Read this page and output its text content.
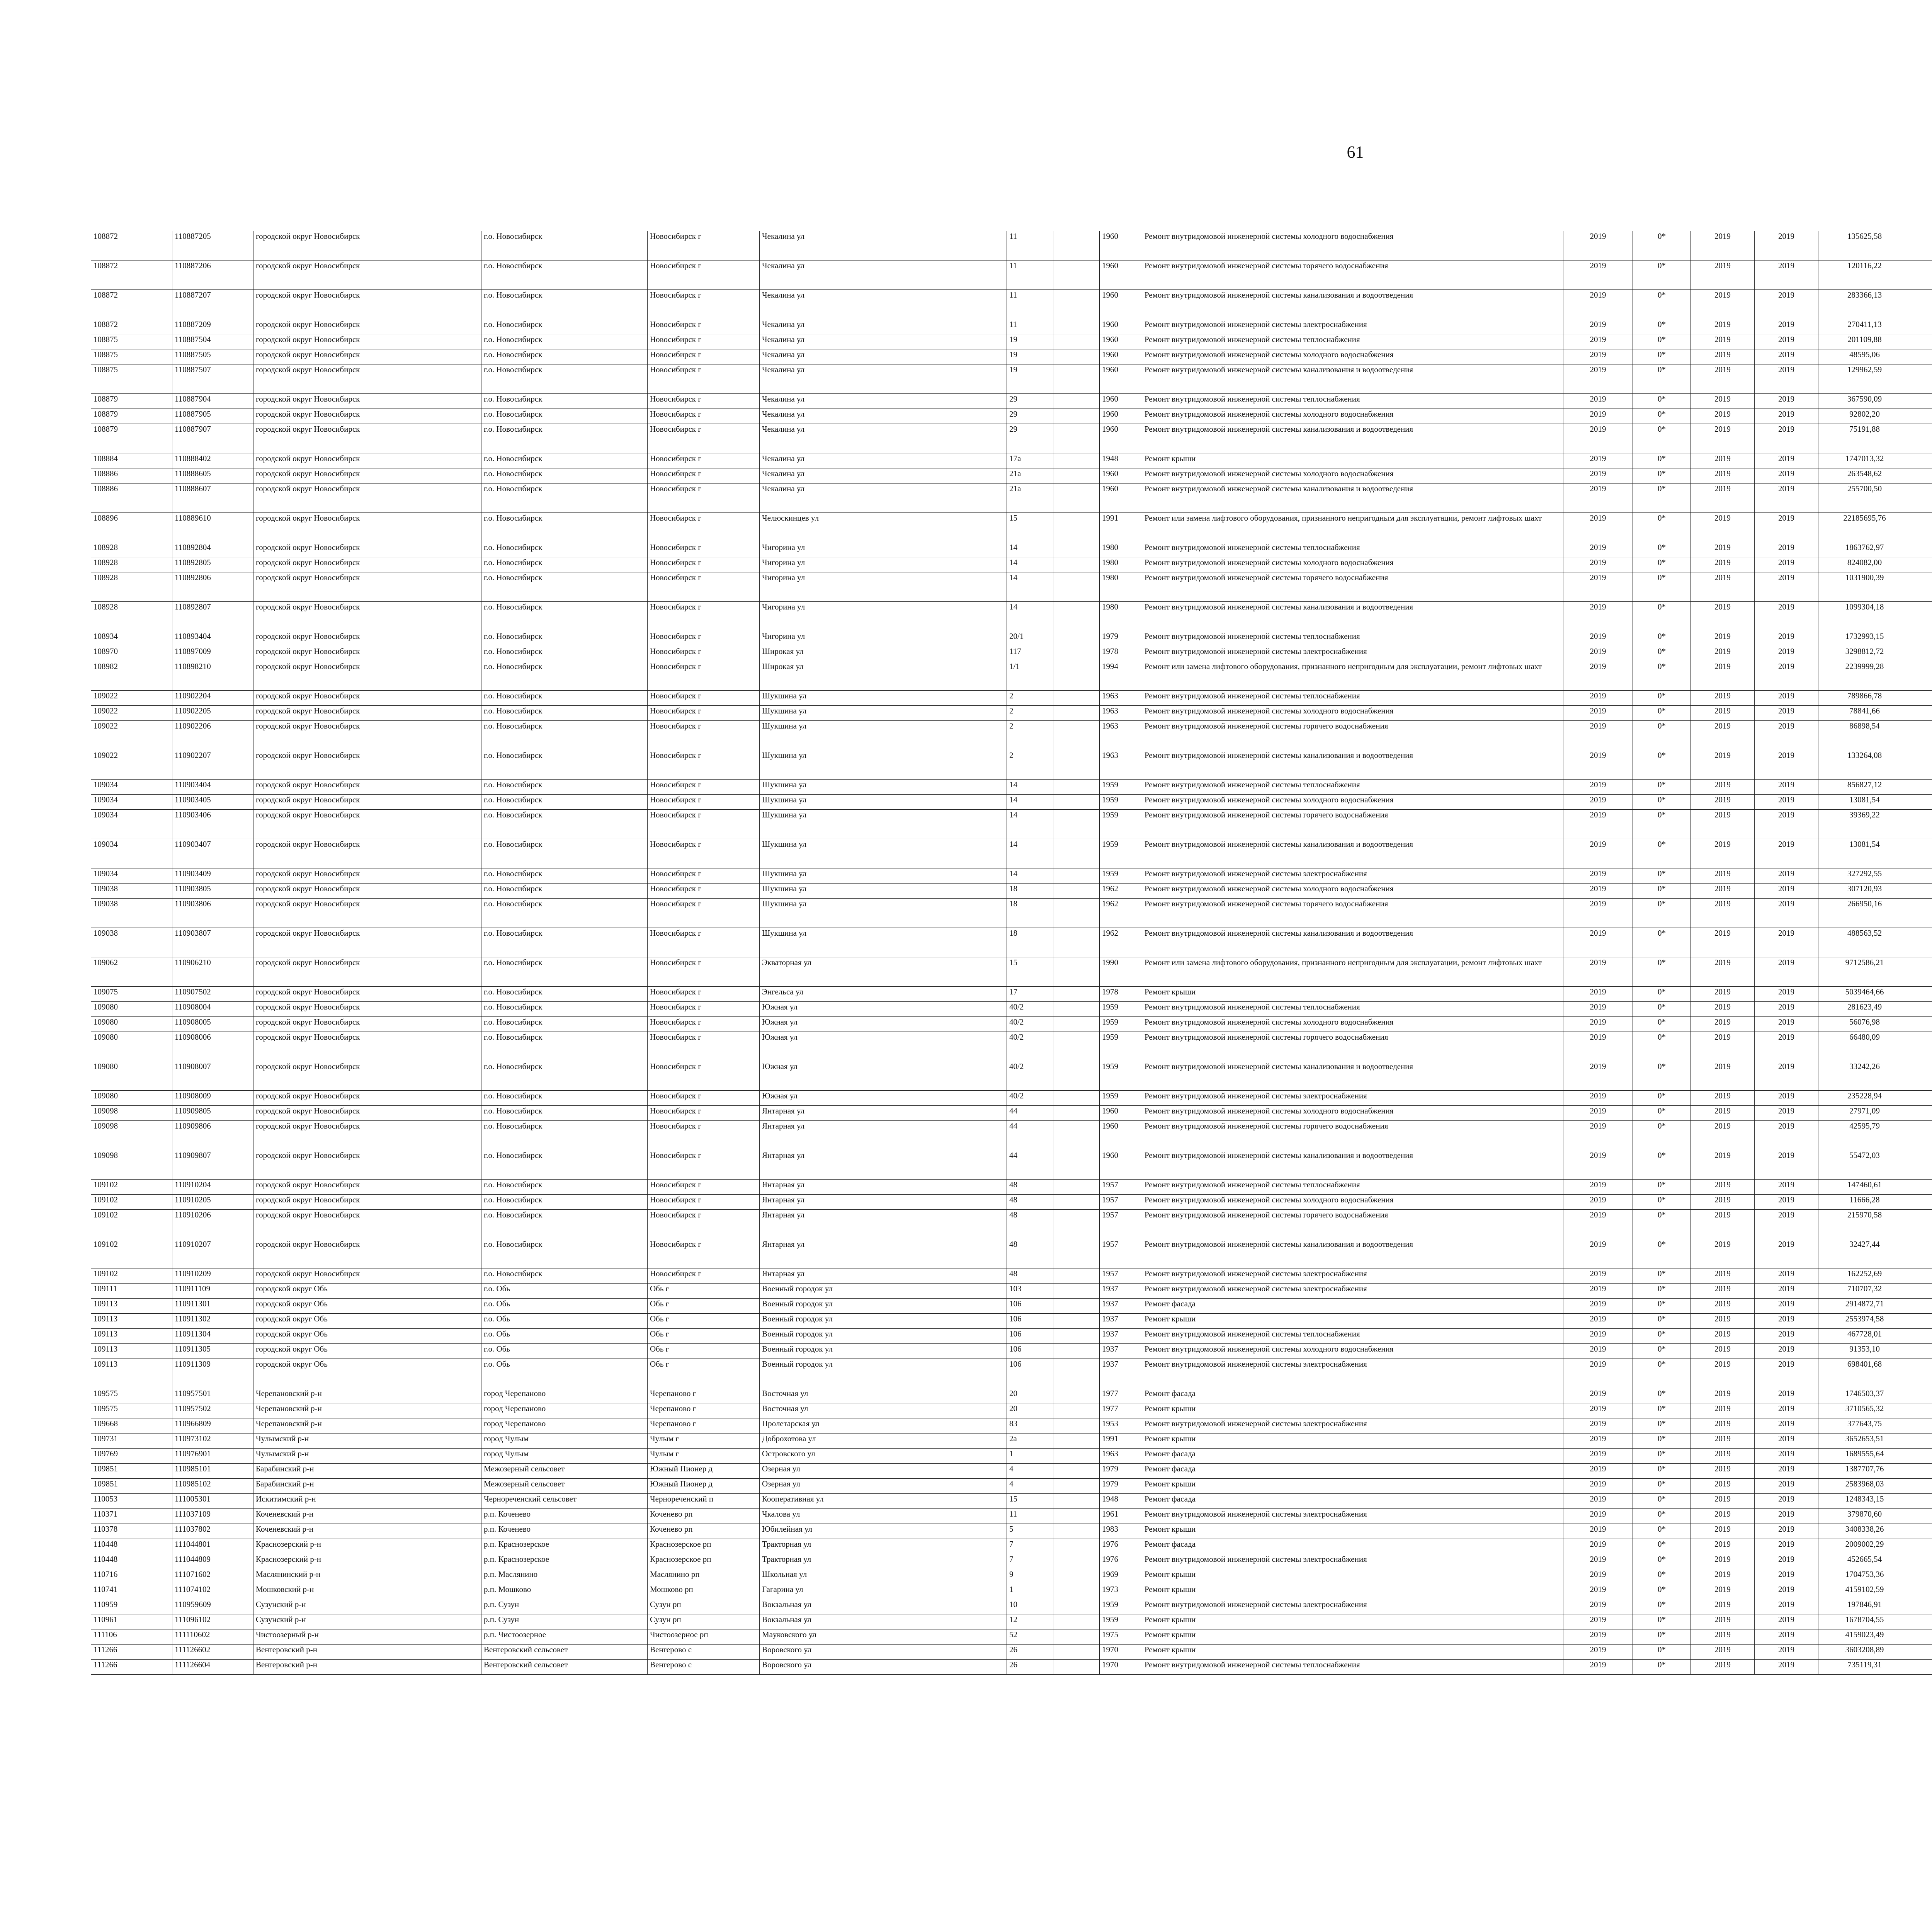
61
108872	110887205	городской округ Новосибирск	г.о. Новосибирск	Новосибирск г	Чекалина ул	11		1960	Ремонт внутридомовой инженерной системы холодного водоснабжения	2019	0*	2019	2019	135625,58							
108872	110887206	городской округ Новосибирск	г.о. Новосибирск	Новосибирск г	Чекалина ул	11		1960	Ремонт внутридомовой инженерной системы горячего водоснабжения	2019	0*	2019	2019	120116,22							
108872	110887207	городской округ Новосибирск	г.о. Новосибирск	Новосибирск г	Чекалина ул	11		1960	Ремонт внутридомовой инженерной системы канализования и водоотведения	2019	0*	2019	2019	283366,13							
108872	110887209	городской округ Новосибирск	г.о. Новосибирск	Новосибирск г	Чекалина ул	11		1960	Ремонт внутридомовой инженерной системы электроснабжения	2019	0*	2019	2019	270411,13							
108875	110887504	городской округ Новосибирск	г.о. Новосибирск	Новосибирск г	Чекалина ул	19		1960	Ремонт внутридомовой инженерной системы теплоснабжения	2019	0*	2019	2019	201109,88							
108875	110887505	городской округ Новосибирск	г.о. Новосибирск	Новосибирск г	Чекалина ул	19		1960	Ремонт внутридомовой инженерной системы холодного водоснабжения	2019	0*	2019	2019	48595,06							
108875	110887507	городской округ Новосибирск	г.о. Новосибирск	Новосибирск г	Чекалина ул	19		1960	Ремонт внутридомовой инженерной системы канализования и водоотведения	2019	0*	2019	2019	129962,59							
108879	110887904	городской округ Новосибирск	г.о. Новосибирск	Новосибирск г	Чекалина ул	29		1960	Ремонт внутридомовой инженерной системы теплоснабжения	2019	0*	2019	2019	367590,09							
108879	110887905	городской округ Новосибирск	г.о. Новосибирск	Новосибирск г	Чекалина ул	29		1960	Ремонт внутридомовой инженерной системы холодного водоснабжения	2019	0*	2019	2019	92802,20							
108879	110887907	городской округ Новосибирск	г.о. Новосибирск	Новосибирск г	Чекалина ул	29		1960	Ремонт внутридомовой инженерной системы канализования и водоотведения	2019	0*	2019	2019	75191,88							
108884	110888402	городской округ Новосибирск	г.о. Новосибирск	Новосибирск г	Чекалина ул	17а		1948	Ремонт крыши	2019	0*	2019	2019	1747013,32							
108886	110888605	городской округ Новосибирск	г.о. Новосибирск	Новосибирск г	Чекалина ул	21а		1960	Ремонт внутридомовой инженерной системы холодного водоснабжения	2019	0*	2019	2019	263548,62							
108886	110888607	городской округ Новосибирск	г.о. Новосибирск	Новосибирск г	Чекалина ул	21а		1960	Ремонт внутридомовой инженерной системы канализования и водоотведения	2019	0*	2019	2019	255700,50							
108896	110889610	городской округ Новосибирск	г.о. Новосибирск	Новосибирск г	Челюскинцев ул	15		1991	Ремонт или замена лифтового оборудования, признанного непригодным для эксплуатации, ремонт лифтовых шахт	2019	0*	2019	2019	22185695,76							
108928	110892804	городской округ Новосибирск	г.о. Новосибирск	Новосибирск г	Чигорина ул	14		1980	Ремонт внутридомовой инженерной системы теплоснабжения	2019	0*	2019	2019	1863762,97							
108928	110892805	городской округ Новосибирск	г.о. Новосибирск	Новосибирск г	Чигорина ул	14		1980	Ремонт внутридомовой инженерной системы холодного водоснабжения	2019	0*	2019	2019	824082,00							
108928	110892806	городской округ Новосибирск	г.о. Новосибирск	Новосибирск г	Чигорина ул	14		1980	Ремонт внутридомовой инженерной системы горячего водоснабжения	2019	0*	2019	2019	1031900,39							
108928	110892807	городской округ Новосибирск	г.о. Новосибирск	Новосибирск г	Чигорина ул	14		1980	Ремонт внутридомовой инженерной системы канализования и водоотведения	2019	0*	2019	2019	1099304,18							
108934	110893404	городской округ Новосибирск	г.о. Новосибирск	Новосибирск г	Чигорина ул	20/1		1979	Ремонт внутридомовой инженерной системы теплоснабжения	2019	0*	2019	2019	1732993,15							
108970	110897009	городской округ Новосибирск	г.о. Новосибирск	Новосибирск г	Широкая ул	117		1978	Ремонт внутридомовой инженерной системы электроснабжения	2019	0*	2019	2019	3298812,72							
108982	110898210	городской округ Новосибирск	г.о. Новосибирск	Новосибирск г	Широкая ул	1/1		1994	Ремонт или замена лифтового оборудования, признанного непригодным для эксплуатации, ремонт лифтовых шахт	2019	0*	2019	2019	2239999,28							
109022	110902204	городской округ Новосибирск	г.о. Новосибирск	Новосибирск г	Шукшина ул	2		1963	Ремонт внутридомовой инженерной системы теплоснабжения	2019	0*	2019	2019	789866,78							
109022	110902205	городской округ Новосибирск	г.о. Новосибирск	Новосибирск г	Шукшина ул	2		1963	Ремонт внутридомовой инженерной системы холодного водоснабжения	2019	0*	2019	2019	78841,66							
109022	110902206	городской округ Новосибирск	г.о. Новосибирск	Новосибирск г	Шукшина ул	2		1963	Ремонт внутридомовой инженерной системы горячего водоснабжения	2019	0*	2019	2019	86898,54							
109022	110902207	городской округ Новосибирск	г.о. Новосибирск	Новосибирск г	Шукшина ул	2		1963	Ремонт внутридомовой инженерной системы канализования и водоотведения	2019	0*	2019	2019	133264,08							
109034	110903404	городской округ Новосибирск	г.о. Новосибирск	Новосибирск г	Шукшина ул	14		1959	Ремонт внутридомовой инженерной системы теплоснабжения	2019	0*	2019	2019	856827,12							
109034	110903405	городской округ Новосибирск	г.о. Новосибирск	Новосибирск г	Шукшина ул	14		1959	Ремонт внутридомовой инженерной системы холодного водоснабжения	2019	0*	2019	2019	13081,54							
109034	110903406	городской округ Новосибирск	г.о. Новосибирск	Новосибирск г	Шукшина ул	14		1959	Ремонт внутридомовой инженерной системы горячего водоснабжения	2019	0*	2019	2019	39369,22							
109034	110903407	городской округ Новосибирск	г.о. Новосибирск	Новосибирск г	Шукшина ул	14		1959	Ремонт внутридомовой инженерной системы канализования и водоотведения	2019	0*	2019	2019	13081,54							
109034	110903409	городской округ Новосибирск	г.о. Новосибирск	Новосибирск г	Шукшина ул	14		1959	Ремонт внутридомовой инженерной системы электроснабжения	2019	0*	2019	2019	327292,55							
109038	110903805	городской округ Новосибирск	г.о. Новосибирск	Новосибирск г	Шукшина ул	18		1962	Ремонт внутридомовой инженерной системы холодного водоснабжения	2019	0*	2019	2019	307120,93							
109038	110903806	городской округ Новосибирск	г.о. Новосибирск	Новосибирск г	Шукшина ул	18		1962	Ремонт внутридомовой инженерной системы горячего водоснабжения	2019	0*	2019	2019	266950,16							
109038	110903807	городской округ Новосибирск	г.о. Новосибирск	Новосибирск г	Шукшина ул	18		1962	Ремонт внутридомовой инженерной системы канализования и водоотведения	2019	0*	2019	2019	488563,52							
109062	110906210	городской округ Новосибирск	г.о. Новосибирск	Новосибирск г	Экваторная ул	15		1990	Ремонт или замена лифтового оборудования, признанного непригодным для эксплуатации, ремонт лифтовых шахт	2019	0*	2019	2019	9712586,21							
109075	110907502	городской округ Новосибирск	г.о. Новосибирск	Новосибирск г	Энгельса ул	17		1978	Ремонт крыши	2019	0*	2019	2019	5039464,66							
109080	110908004	городской округ Новосибирск	г.о. Новосибирск	Новосибирск г	Южная ул	40/2		1959	Ремонт внутридомовой инженерной системы теплоснабжения	2019	0*	2019	2019	281623,49							
109080	110908005	городской округ Новосибирск	г.о. Новосибирск	Новосибирск г	Южная ул	40/2		1959	Ремонт внутридомовой инженерной системы холодного водоснабжения	2019	0*	2019	2019	56076,98							
109080	110908006	городской округ Новосибирск	г.о. Новосибирск	Новосибирск г	Южная ул	40/2		1959	Ремонт внутридомовой инженерной системы горячего водоснабжения	2019	0*	2019	2019	66480,09							
109080	110908007	городской округ Новосибирск	г.о. Новосибирск	Новосибирск г	Южная ул	40/2		1959	Ремонт внутридомовой инженерной системы канализования и водоотведения	2019	0*	2019	2019	33242,26							
109080	110908009	городской округ Новосибирск	г.о. Новосибирск	Новосибирск г	Южная ул	40/2		1959	Ремонт внутридомовой инженерной системы электроснабжения	2019	0*	2019	2019	235228,94							
109098	110909805	городской округ Новосибирск	г.о. Новосибирск	Новосибирск г	Янтарная ул	44		1960	Ремонт внутридомовой инженерной системы холодного водоснабжения	2019	0*	2019	2019	27971,09							
109098	110909806	городской округ Новосибирск	г.о. Новосибирск	Новосибирск г	Янтарная ул	44		1960	Ремонт внутридомовой инженерной системы горячего водоснабжения	2019	0*	2019	2019	42595,79							
109098	110909807	городской округ Новосибирск	г.о. Новосибирск	Новосибирск г	Янтарная ул	44		1960	Ремонт внутридомовой инженерной системы канализования и водоотведения	2019	0*	2019	2019	55472,03							
109102	110910204	городской округ Новосибирск	г.о. Новосибирск	Новосибирск г	Янтарная ул	48		1957	Ремонт внутридомовой инженерной системы теплоснабжения	2019	0*	2019	2019	147460,61							
109102	110910205	городской округ Новосибирск	г.о. Новосибирск	Новосибирск г	Янтарная ул	48		1957	Ремонт внутридомовой инженерной системы холодного водоснабжения	2019	0*	2019	2019	11666,28							
109102	110910206	городской округ Новосибирск	г.о. Новосибирск	Новосибирск г	Янтарная ул	48		1957	Ремонт внутридомовой инженерной системы горячего водоснабжения	2019	0*	2019	2019	215970,58							
109102	110910207	городской округ Новосибирск	г.о. Новосибирск	Новосибирск г	Янтарная ул	48		1957	Ремонт внутридомовой инженерной системы канализования и водоотведения	2019	0*	2019	2019	32427,44							
109102	110910209	городской округ Новосибирск	г.о. Новосибирск	Новосибирск г	Янтарная ул	48		1957	Ремонт внутридомовой инженерной системы электроснабжения	2019	0*	2019	2019	162252,69							
109111	110911109	городской округ Обь	г.о. Обь	Обь г	Военный городок ул	103		1937	Ремонт внутридомовой инженерной системы электроснабжения	2019	0*	2019	2019	710707,32							
109113	110911301	городской округ Обь	г.о. Обь	Обь г	Военный городок ул	106		1937	Ремонт фасада	2019	0*	2019	2019	2914872,71							
109113	110911302	городской округ Обь	г.о. Обь	Обь г	Военный городок ул	106		1937	Ремонт крыши	2019	0*	2019	2019	2553974,58							
109113	110911304	городской округ Обь	г.о. Обь	Обь г	Военный городок ул	106		1937	Ремонт внутридомовой инженерной системы теплоснабжения	2019	0*	2019	2019	467728,01							
109113	110911305	городской округ Обь	г.о. Обь	Обь г	Военный городок ул	106		1937	Ремонт внутридомовой инженерной системы холодного водоснабжения	2019	0*	2019	2019	91353,10							
109113	110911309	городской округ Обь	г.о. Обь	Обь г	Военный городок ул	106		1937	Ремонт внутридомовой инженерной системы электроснабжения	2019	0*	2019	2019	698401,68							
109575	110957501	Черепановский р-н	город Черепаново	Черепаново г	Восточная ул	20		1977	Ремонт фасада	2019	0*	2019	2019	1746503,37							
109575	110957502	Черепановский р-н	город Черепаново	Черепаново г	Восточная ул	20		1977	Ремонт крыши	2019	0*	2019	2019	3710565,32							
109668	110966809	Черепановский р-н	город Черепаново	Черепаново г	Пролетарская ул	83		1953	Ремонт внутридомовой инженерной системы электроснабжения	2019	0*	2019	2019	377643,75							
109731	110973102	Чулымский р-н	город Чулым	Чулым г	Доброхотова ул	2а		1991	Ремонт крыши	2019	0*	2019	2019	3652653,51							
109769	110976901	Чулымский р-н	город Чулым	Чулым г	Островского ул	1		1963	Ремонт фасада	2019	0*	2019	2019	1689555,64							
109851	110985101	Барабинский р-н	Межозерный сельсовет	Южный Пионер д	Озерная ул	4		1979	Ремонт фасада	2019	0*	2019	2019	1387707,76							
109851	110985102	Барабинский р-н	Межозерный сельсовет	Южный Пионер д	Озерная ул	4		1979	Ремонт крыши	2019	0*	2019	2019	2583968,03							
110053	111005301	Искитимский р-н	Чернореченский сельсовет	Чернореченский п	Кооперативная ул	15		1948	Ремонт фасада	2019	0*	2019	2019	1248343,15							
110371	111037109	Коченевский р-н	р.п. Коченево	Коченево рп	Чкалова ул	11		1961	Ремонт внутридомовой инженерной системы электроснабжения	2019	0*	2019	2019	379870,60							
110378	111037802	Коченевский р-н	р.п. Коченево	Коченево рп	Юбилейная ул	5		1983	Ремонт крыши	2019	0*	2019	2019	3408338,26							
110448	111044801	Краснозерский р-н	р.п. Краснозерское	Краснозерское рп	Тракторная ул	7		1976	Ремонт фасада	2019	0*	2019	2019	2009002,29							
110448	111044809	Краснозерский р-н	р.п. Краснозерское	Краснозерское рп	Тракторная ул	7		1976	Ремонт внутридомовой инженерной системы электроснабжения	2019	0*	2019	2019	452665,54							
110716	111071602	Маслянинский р-н	р.п. Маслянино	Маслянино рп	Школьная ул	9		1969	Ремонт крыши	2019	0*	2019	2019	1704753,36							
110741	111074102	Мошковский р-н	р.п. Мошково	Мошково рп	Гагарина ул	1		1973	Ремонт крыши	2019	0*	2019	2019	4159102,59							
110959	110959609	Сузунский р-н	р.п. Сузун	Сузун рп	Вокзальная ул	10		1959	Ремонт внутридомовой инженерной системы электроснабжения	2019	0*	2019	2019	197846,91							
110961	111096102	Сузунский р-н	р.п. Сузун	Сузун рп	Вокзальная ул	12		1959	Ремонт крыши	2019	0*	2019	2019	1678704,55							
111106	111110602	Чистоозерный р-н	р.п. Чистоозерное	Чистоозерное рп	Мayковского ул	52		1975	Ремонт крыши	2019	0*	2019	2019	4159023,49							
111266	111126602	Венгеровский р-н	Венгеровский сельсовет	Венгерово с	Воровского ул	26		1970	Ремонт крыши	2019	0*	2019	2019	3603208,89							
111266	111126604	Венгеровский р-н	Венгеровский сельсовет	Венгерово с	Воровского ул	26		1970	Ремонт внутридомовой инженерной системы теплоснабжения	2019	0*	2019	2019	735119,31							
